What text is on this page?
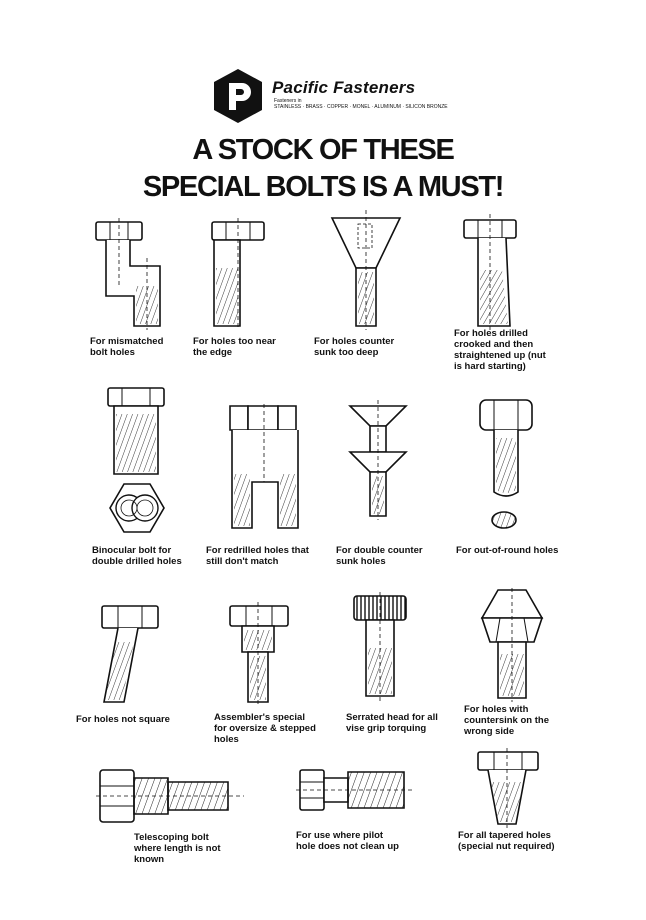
Pacific Fasteners
Fasteners in
STAINLESS · BRASS · COPPER · MONEL · ALUMINUM · SILICON BRONZE
A STOCK OF THESE
SPECIAL BOLTS IS A MUST!
For mismatched
bolt holes
For holes too near
the edge
For holes counter
sunk too deep
For holes drilled
crooked and then
straightened up (nut
is hard starting)
Binocular bolt for
double drilled holes
For redrilled holes that
still don't match
For double counter
sunk holes
For out-of-round holes
For holes not square	Assembler's special
for oversize & stepped
holes
Serrated head for all
vise grip torquing
For holes with
countersink on the
wrong side
Telescoping bolt
where length is not
known
For use where pilot
hole does not clean up
For all tapered holes
(special nut required)
